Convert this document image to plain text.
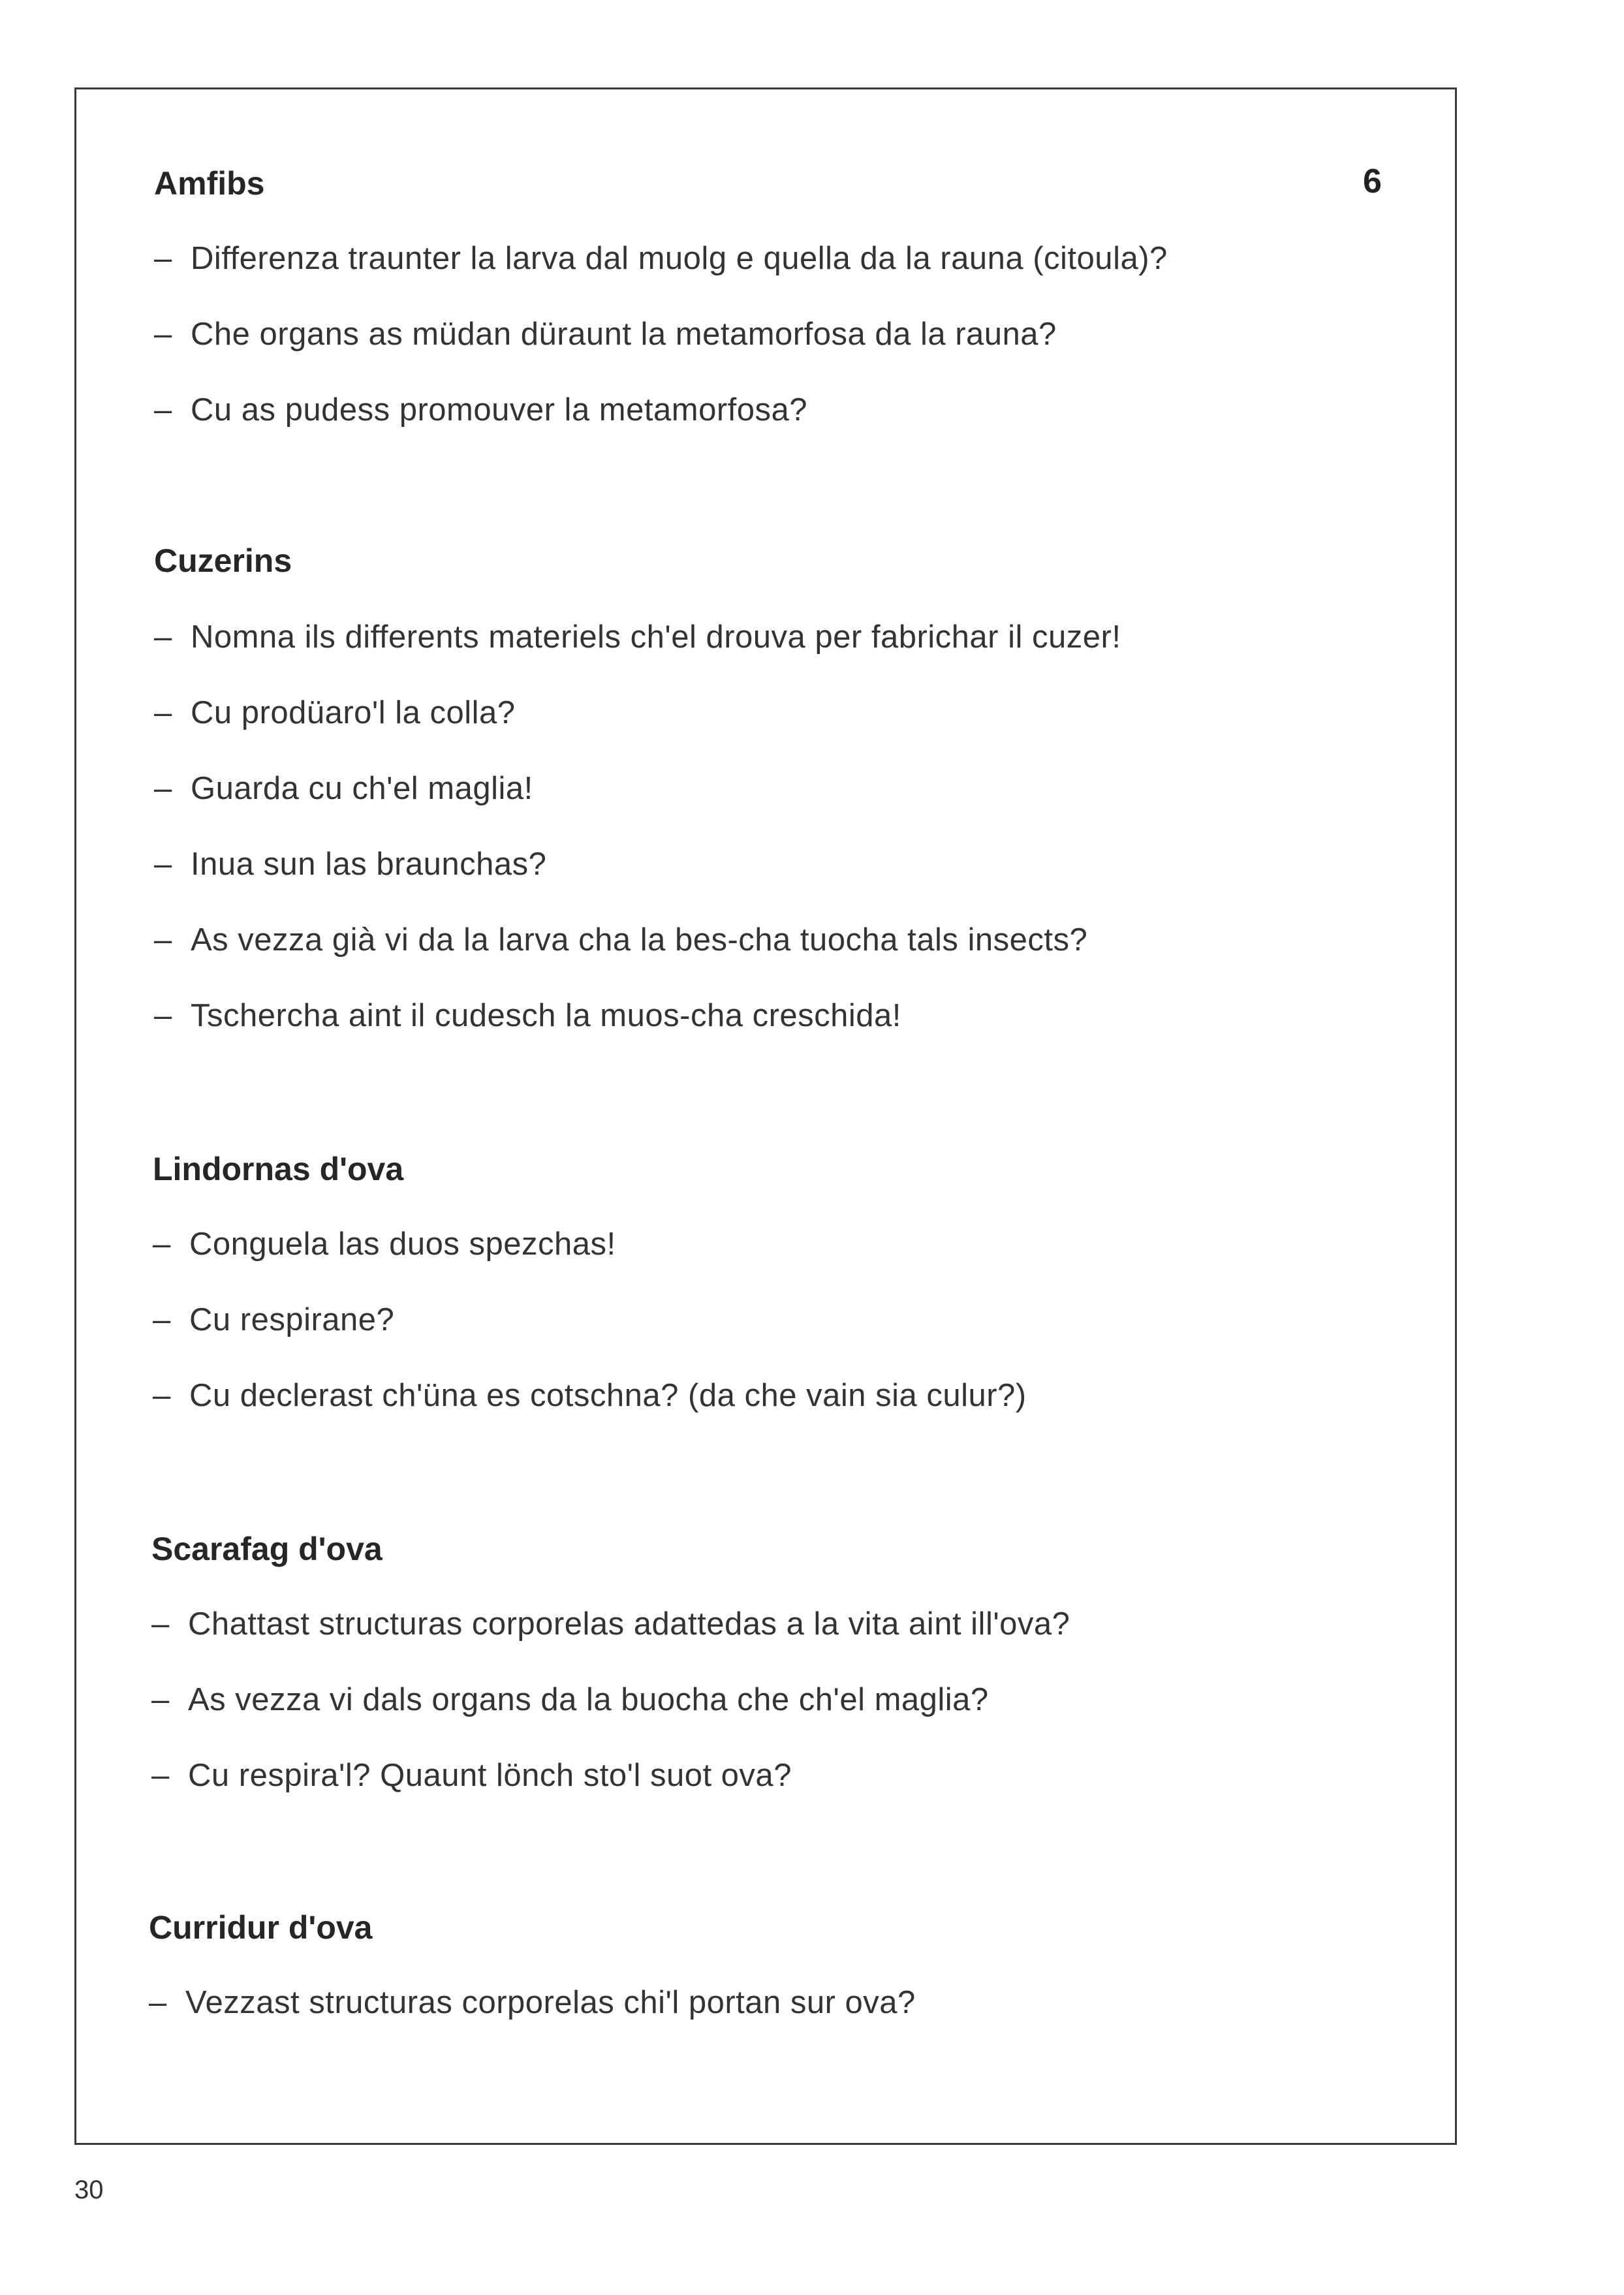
6
Amfibs
– Differenza traunter la larva dal muolg e quella da la rauna (citoula)?
– Che organs as müdan düraunt la metamorfosa da la rauna?
– Cu as pudess promouver la metamorfosa?
Cuzerins
– Nomna ils differents materiels ch'el drouva per fabrichar il cuzer!
– Cu prodüaro'l la colla?
– Guarda cu ch'el maglia!
– Inua sun las braunchas?
– As vezza già vi da la larva cha la bes-cha tuocha tals insects?
– Tschercha aint il cudesch la muos-cha creschida!
Lindornas d'ova
– Conguela las duos spezchas!
– Cu respirane?
– Cu declerast ch'üna es cotschna? (da che vain sia culur?)
Scarafag d'ova
– Chattast structuras corporelas adattedas a la vita aint ill'ova?
– As vezza vi dals organs da la buocha che ch'el maglia?
– Cu respira'l? Quaunt lönch sto'l suot ova?
Curridur d'ova
– Vezzast structuras corporelas chi'l portan sur ova?
30
